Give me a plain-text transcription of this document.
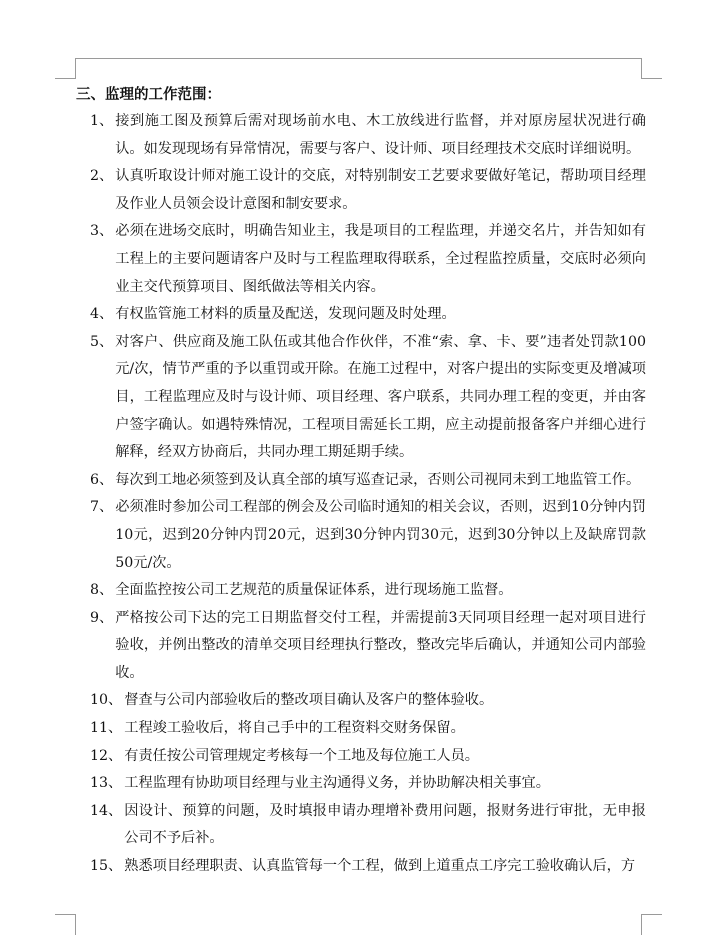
三、监理的工作范围：
1、 接到施工图及预算后需对现场前水电、木工放线进行监督，并对原房屋状况进行确认。如发现现场有异常情况，需要与客户、设计师、项目经理技术交底时详细说明。
2、 认真听取设计师对施工设计的交底，对特别制安工艺要求要做好笔记，帮助项目经理及作业人员领会设计意图和制安要求。
3、 必须在进场交底时，明确告知业主，我是项目的工程监理，并递交名片，并告知如有工程上的主要问题请客户及时与工程监理取得联系，全过程监控质量，交底时必须向业主交代预算项目、图纸做法等相关内容。
4、 有权监管施工材料的质量及配送，发现问题及时处理。
5、 对客户、供应商及施工队伍或其他合作伙伴，不准“索、拿、卡、要”违者处罚款100元/次，情节严重的予以重罚或开除。在施工过程中，对客户提出的实际变更及增减项目，工程监理应及时与设计师、项目经理、客户联系，共同办理工程的变更，并由客户签字确认。如遇特殊情况，工程项目需延长工期，应主动提前报备客户并细心进行解释，经双方协商后，共同办理工期延期手续。
6、 每次到工地必须签到及认真全部的填写巡查记录，否则公司视同未到工地监管工作。
7、 必须准时参加公司工程部的例会及公司临时通知的相关会议，否则，迟到10分钟内罚10元，迟到20分钟内罚20元，迟到30分钟内罚30元，迟到30分钟以上及缺席罚款50元/次。
8、 全面监控按公司工艺规范的质量保证体系，进行现场施工监督。
9、 严格按公司下达的完工日期监督交付工程，并需提前3天同项目经理一起对项目进行验收，并例出整改的清单交项目经理执行整改，整改完毕后确认，并通知公司内部验收。
10、 督查与公司内部验收后的整改项目确认及客户的整体验收。
11、 工程竣工验收后，将自己手中的工程资料交财务保留。
12、 有责任按公司管理规定考核每一个工地及每位施工人员。
13、 工程监理有协助项目经理与业主沟通得义务，并协助解决相关事宜。
14、 因设计、预算的问题，及时填报申请办理增补费用问题，报财务进行审批，无申报公司不予后补。
15、 熟悉项目经理职责、认真监管每一个工程，做到上道重点工序完工验收确认后，方
